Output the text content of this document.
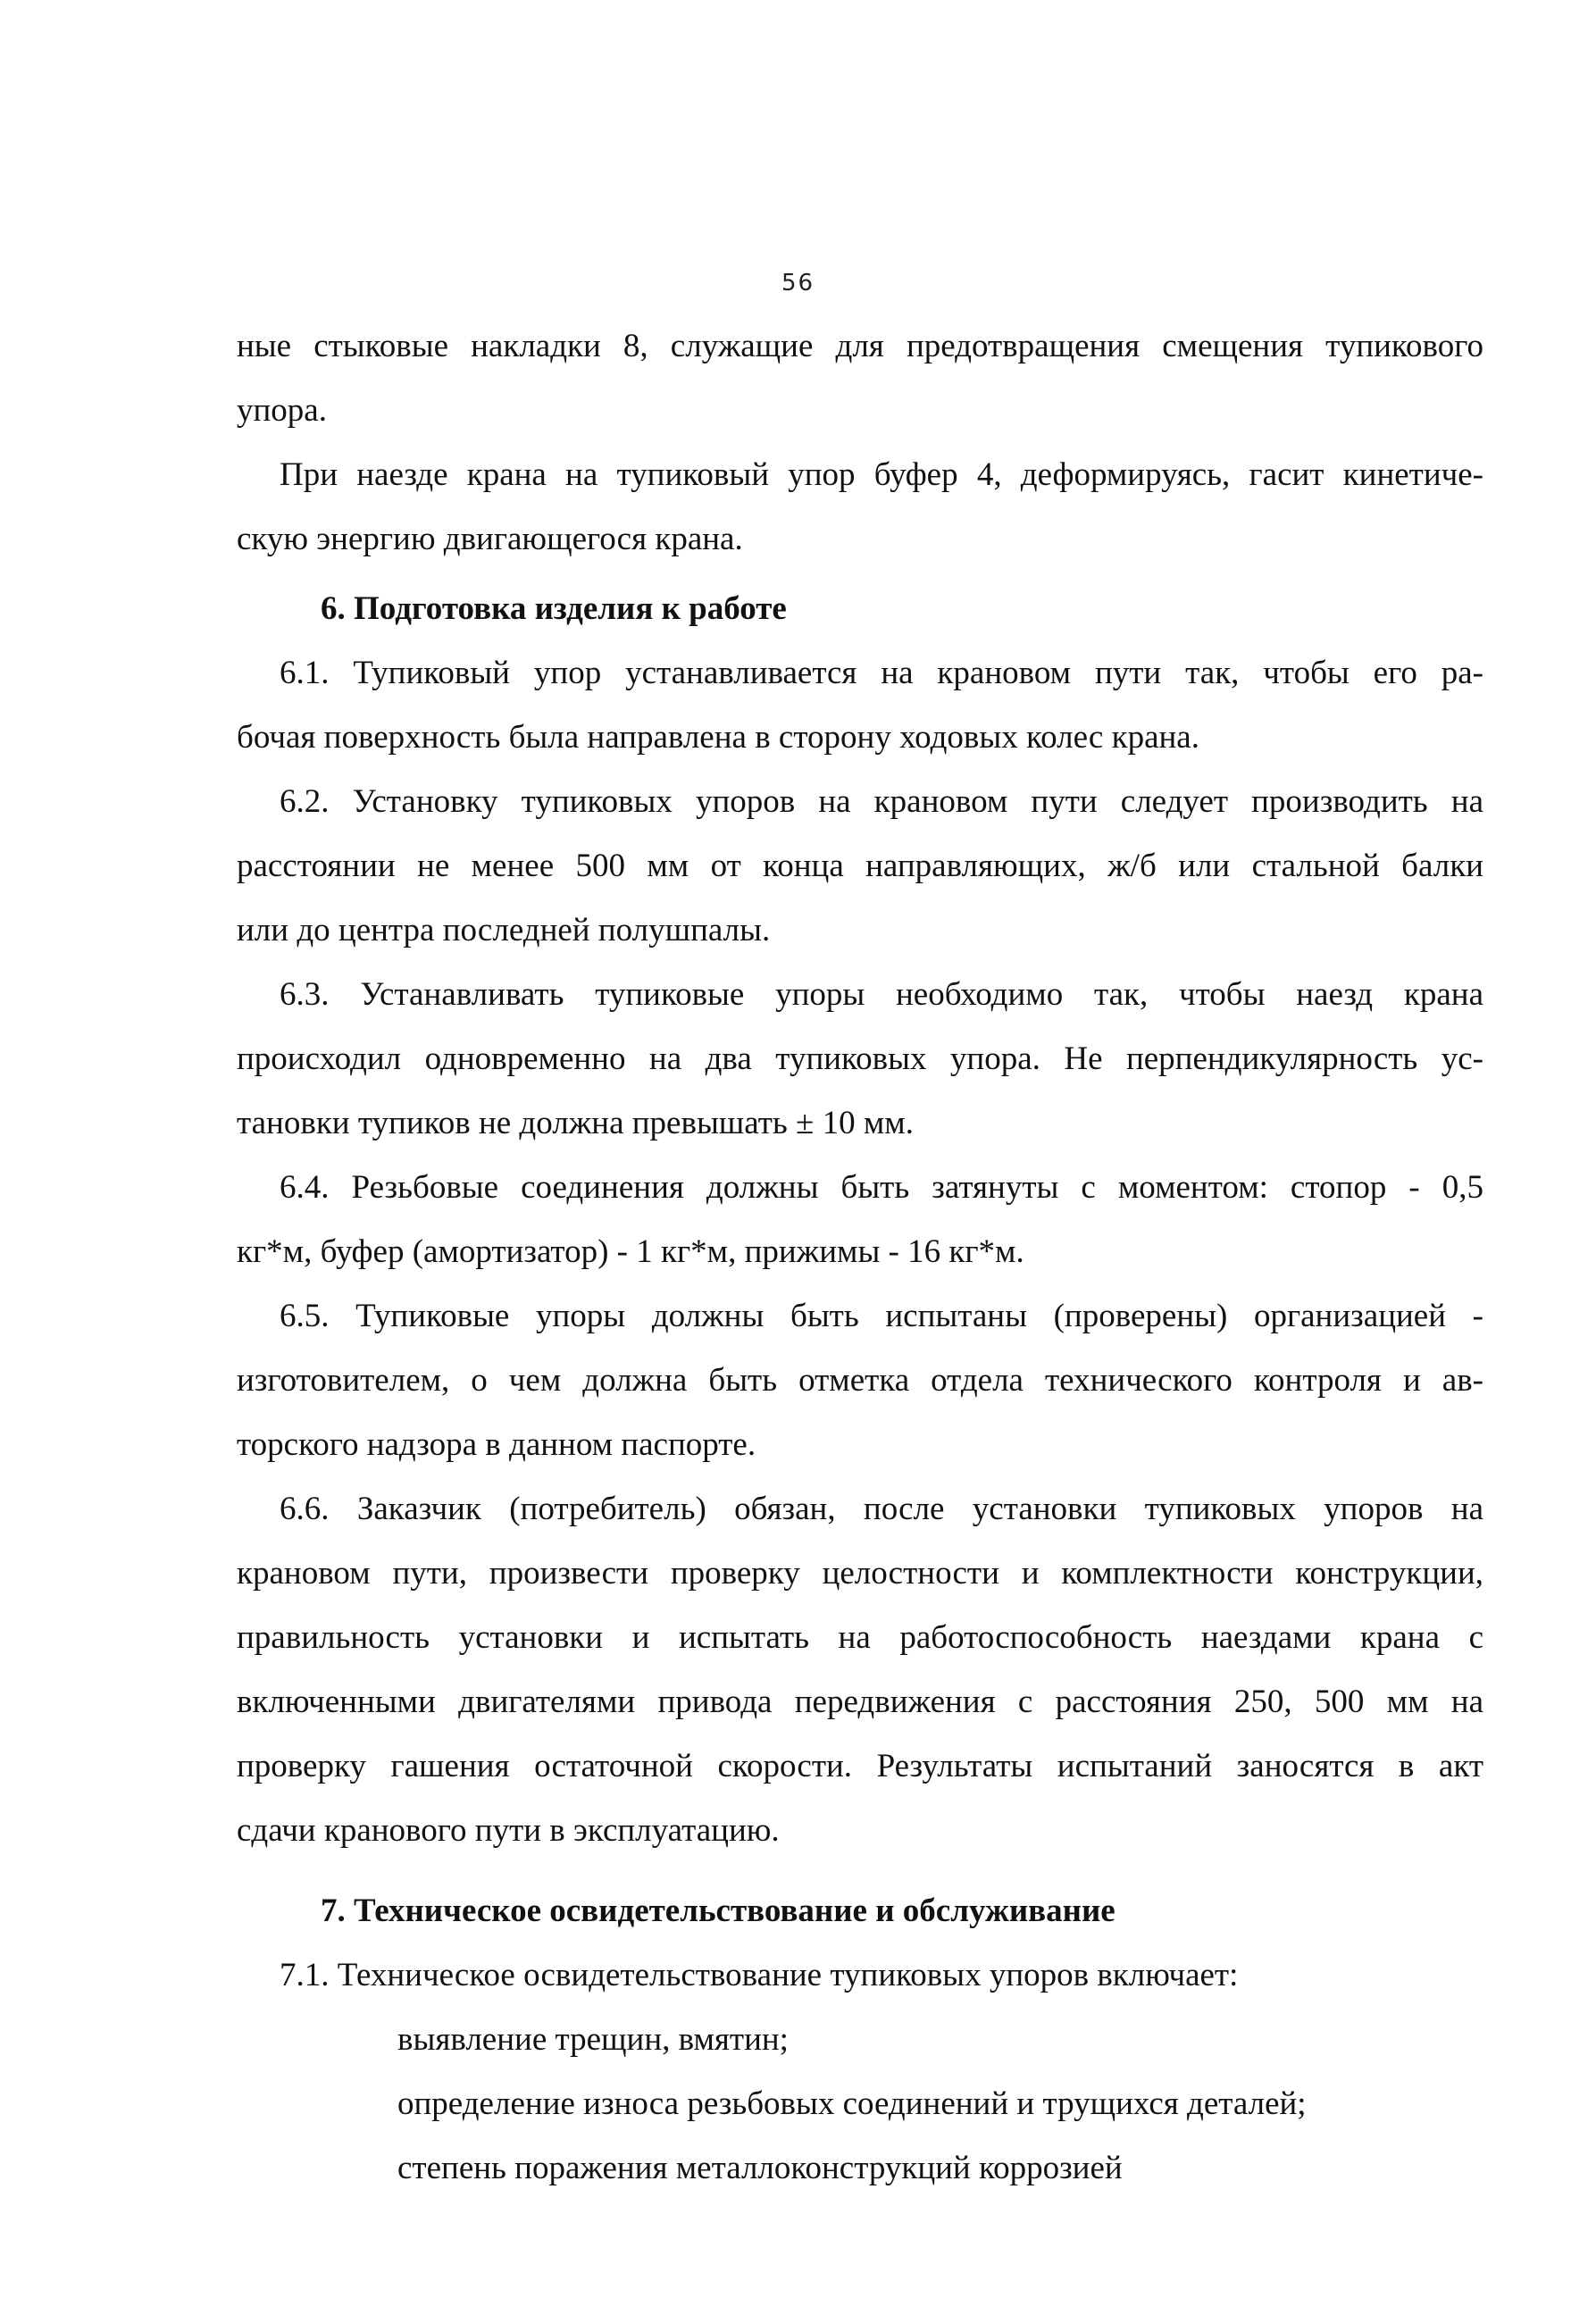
56
ные стыковые накладки 8, служащие для предотвращения смещения тупикового
упора.
При наезде крана на тупиковый упор буфер 4, деформируясь, гасит кинетиче-
скую энергию двигающегося крана.
6. Подготовка изделия к работе
6.1. Тупиковый упор устанавливается на крановом пути так, чтобы его ра-
бочая поверхность была направлена в сторону ходовых колес крана.
6.2. Установку тупиковых упоров на крановом пути следует производить на
расстоянии не менее 500 мм от конца направляющих, ж/б или стальной балки
или до центра последней полушпалы.
6.3. Устанавливать тупиковые упоры необходимо так, чтобы наезд крана
происходил одновременно на два тупиковых упора. Не перпендикулярность ус-
тановки тупиков не должна превышать ± 10 мм.
6.4. Резьбовые соединения должны быть затянуты с моментом: стопор - 0,5
кг*м, буфер (амортизатор) - 1 кг*м, прижимы - 16 кг*м.
6.5. Тупиковые упоры должны быть испытаны (проверены) организацией -
изготовителем, о чем должна быть отметка отдела технического контроля и ав-
торского надзора в данном паспорте.
6.6. Заказчик (потребитель) обязан, после установки тупиковых упоров на
крановом пути, произвести проверку целостности и комплектности конструкции,
правильность установки и испытать на работоспособность наездами крана с
включенными двигателями привода передвижения с расстояния 250, 500 мм на
проверку гашения остаточной скорости. Результаты испытаний заносятся в акт
сдачи кранового пути в эксплуатацию.
7. Техническое освидетельствование и обслуживание
7.1. Техническое освидетельствование тупиковых упоров включает:
выявление трещин, вмятин;
определение износа резьбовых соединений и трущихся деталей;
степень поражения металлоконструкций коррозией
